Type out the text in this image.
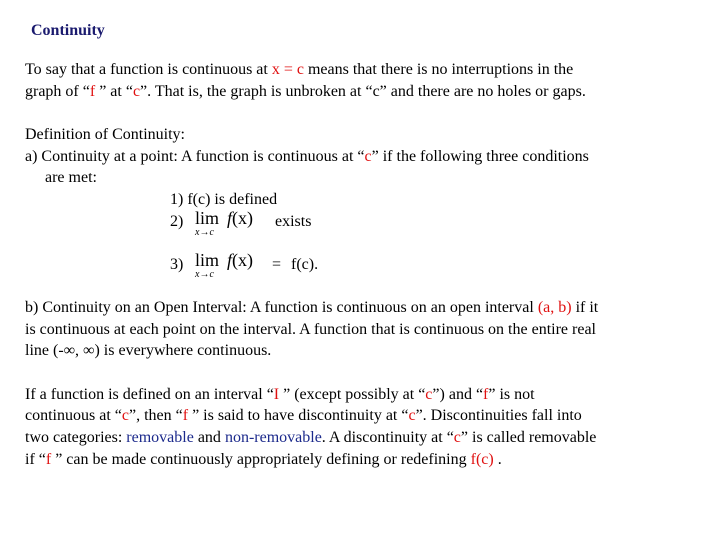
Continuity
To say that a function is continuous at x = c means that there is no interruptions in the
graph of “f ” at “c”. That is, the graph is unbroken at “c” and there are no holes or gaps.
Definition of Continuity:
a) Continuity at a point: A function is continuous at “c” if the following three conditions
are met:
1) f(c) is defined
2) lim
x→c
f(x) exists
3) lim
x→c
f(x) = f(c).
b) Continuity on an Open Interval: A function is continuous on an open interval (a, b) if it
is continuous at each point on the interval. A function that is continuous on the entire real
line (-∞, ∞) is everywhere continuous.
If a function is defined on an interval “I ” (except possibly at “c”) and “f” is not
continuous at “c”, then “f ” is said to have discontinuity at “c”. Discontinuities fall into
two categories: removable and non-removable. A discontinuity at “c” is called removable
if “f ” can be made continuously appropriately defining or redefining f(c) .
